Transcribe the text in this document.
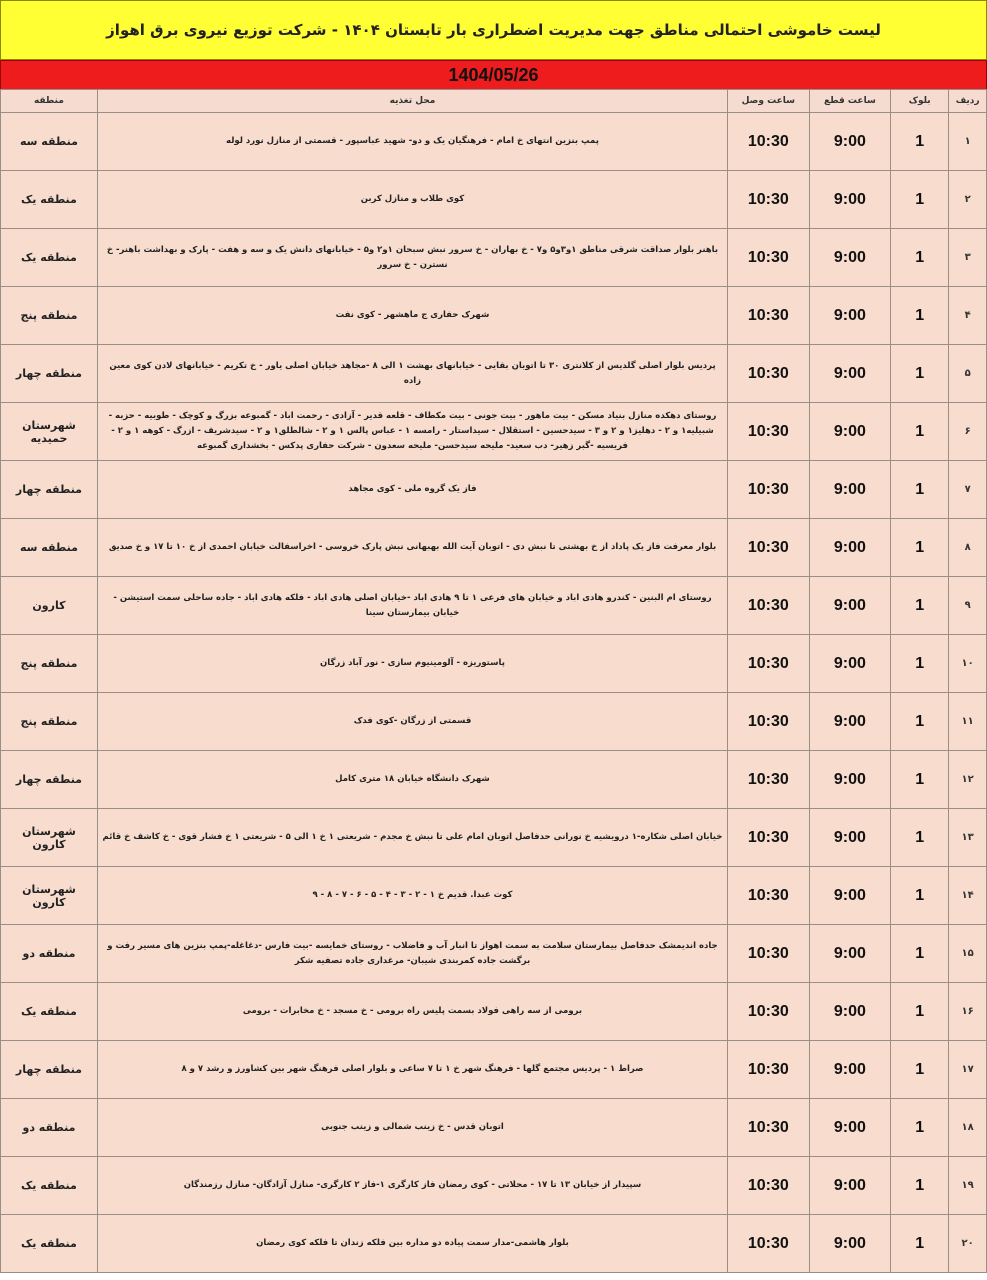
لیست خاموشی احتمالی مناطق جهت مدیریت اضطراری بار تابستان ۱۴۰۴ - شرکت توزیع نیروی برق اهواز
1404/05/26
ردیف	بلوک	ساعت قطع	ساعت وصل	محل تغذیه	منطقه
۱	1	9:00	10:30	پمپ بنزین انتهای خ امام - فرهنگیان یک و دو- شهید عباسپور - قسمتی از منازل نورد لوله	منطقه سه
۲	1	9:00	10:30	کوی طلاب و منازل کربن	منطقه یک
۳	1	9:00	10:30	باهنر بلوار صداقت شرقی مناطق ۱و۳و۵ و۷ - خ بهاران - خ سرور نبش سبحان ۱و۲ و۵ - خیابانهای دانش یک و سه و هفت - پارک و بهداشت باهنر- خ نسترن - خ سرور	منطقه یک
۴	1	9:00	10:30	شهرک حفاری ج ماهشهر - کوی نفت	منطقه پنج
۵	1	9:00	10:30	پردیس بلوار اصلی گلدیس از کلانتری ۳۰ تا اتوبان بقایی - خیابانهای بهشت ۱ الی ۸ -مجاهد خیابان اصلی یاور - خ تکریم - خیابانهای لادن کوی معین زاده	منطقه چهار
۶	1	9:00	10:30	روستای دهکده منازل بنیاد مسکن - بیت ماهور - بیت جونی - بیت مکطاف - قلعه قدیر - آزادی - رحمت اباد - گمبوعه بزرگ و کوچک - طوبیه - حزبه - شبیلیه۱ و ۲ - دهلیز۱ و ۲ و ۳ - سیدحسین - استقلال - سیداستار - رامسه ۱ - عباس پالس ۱ و ۲ - شالطلق۱ و ۲ - سیدشریف - ازرگ - کوهه ۱ و ۲ - فریسیه -گبر زهیر- دب سعید- ملیحه سیدحسن- ملیحه سعدون - شرکت حفاری پدکس - بخشداری گمبوعه	شهرستان حمیدیه
۷	1	9:00	10:30	فاز یک گروه ملی - کوی مجاهد	منطقه چهار
۸	1	9:00	10:30	بلوار معرفت فاز یک پاداد از خ بهشتی تا نبش دی - اتوبان آیت الله بهبهانی نبش پارک خروسی - اخراسفالت خیابان احمدی از خ ۱۰ تا ۱۷ و خ صدیق	منطقه سه
۹	1	9:00	10:30	روستای ام البنین - کندرو هادی اباد و خیابان های فرعی ۱ تا ۹ هادی اباد -خیابان اصلی هادی اباد - فلکه هادی اباد - جاده ساحلی سمت استیشن - خیابان بیمارستان سینا	کارون
۱۰	1	9:00	10:30	پاستوریزه - آلومینیوم سازی - نور آباد زرگان	منطقه پنج
۱۱	1	9:00	10:30	قسمتی از زرگان -کوی فدک	منطقه پنج
۱۲	1	9:00	10:30	شهرک دانشگاه خیابان ۱۸ متری کامل	منطقه چهار
۱۳	1	9:00	10:30	خیابان اصلی شکاره-۱ درویشیه خ نورانی حدفاصل اتوبان امام علی تا نبش خ مجدم - شریعتی ۱ خ ۱ الی ۵ - شریعتی ۱ خ فشار قوی - خ کاشف خ قائم	شهرستان کارون
۱۴	1	9:00	10:30	کوت عبدا. قدیم خ ۱ - ۲ - ۳ - ۴ - ۵ - ۶ - ۷ - ۸ - ۹	شهرستان کارون
۱۵	1	9:00	10:30	جاده اندیمشک حدفاصل بیمارستان سلامت به سمت اهواز تا انبار آب و فاضلاب - روستای خمایسه -بیت فارس -دغاغله-پمپ بنزین های مسیر رفت و برگشت جاده کمربندی شیبان- مرغداری جاده تصفیه شکر	منطقه دو
۱۶	1	9:00	10:30	برومی از سه راهی فولاد بسمت پلیس راه برومی - خ مسجد - خ مخابرات - برومی	منطقه یک
۱۷	1	9:00	10:30	صراط ۱ - پردیس مجتمع گلها - فرهنگ شهر خ ۱ تا ۷ ساعی و بلوار اصلی فرهنگ شهر بین کشاورز و رشد ۷ و ۸	منطقه چهار
۱۸	1	9:00	10:30	اتوبان قدس - خ زینب شمالی و زینب جنوبی	منطقه دو
۱۹	1	9:00	10:30	سپیدار از خیابان ۱۳ تا ۱۷ - محلاتی - کوی رمضان فاز کارگری ۱-فاز ۲ کارگری- منازل آزادگان- منازل رزمندگان	منطقه یک
۲۰	1	9:00	10:30	بلوار هاشمی-مدار سمت پیاده دو مداره بین فلکه زندان تا فلکه کوی رمضان	منطقه یک
